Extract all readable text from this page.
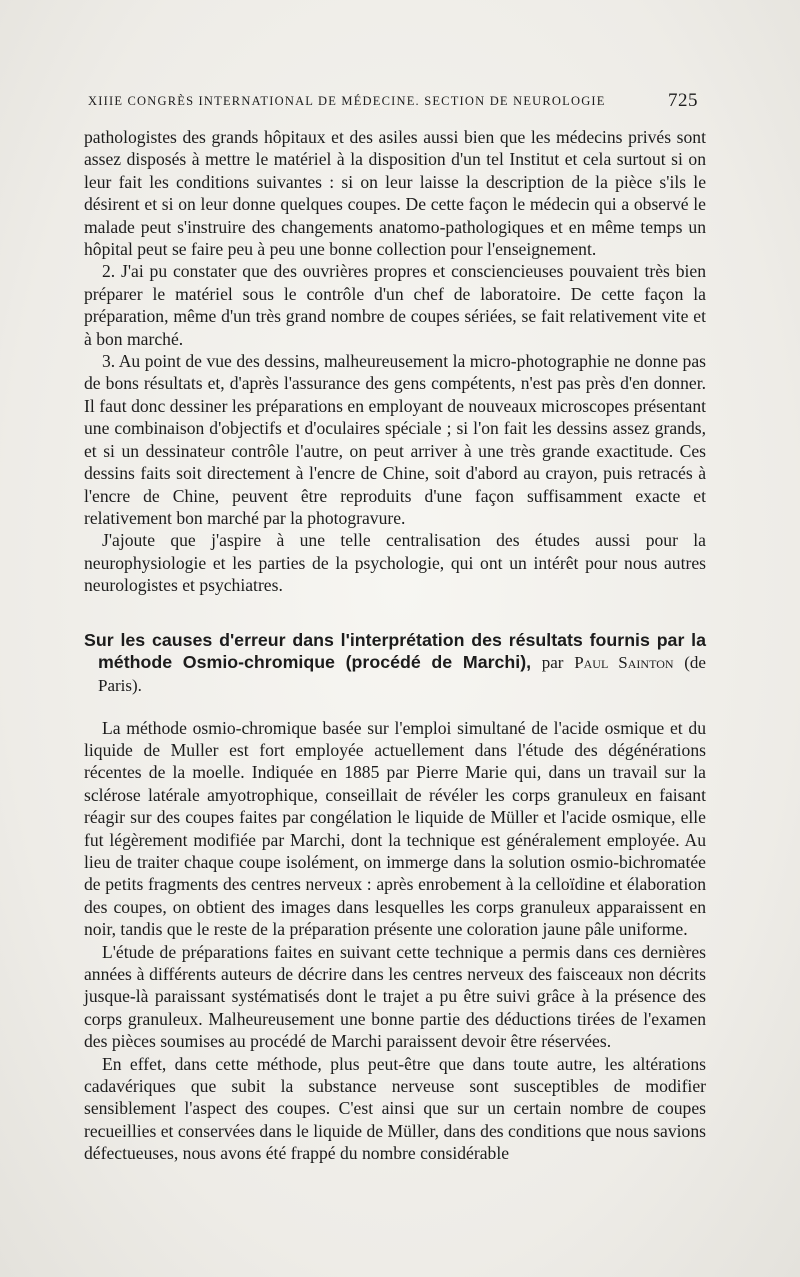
XIIIE CONGRÈS INTERNATIONAL DE MÉDECINE. SECTION DE NEUROLOGIE	725

pathologistes des grands hôpitaux et des asiles aussi bien que les médecins privés sont assez disposés à mettre le matériel à la disposition d'un tel Institut et cela surtout si on leur fait les conditions suivantes : si on leur laisse la description de la pièce s'ils le désirent et si on leur donne quelques coupes. De cette façon le médecin qui a observé le malade peut s'instruire des changements anatomo-pathologiques et en même temps un hôpital peut se faire peu à peu une bonne collection pour l'enseignement.

2. J'ai pu constater que des ouvrières propres et consciencieuses pouvaient très bien préparer le matériel sous le contrôle d'un chef de laboratoire. De cette façon la préparation, même d'un très grand nombre de coupes sériées, se fait relativement vite et à bon marché.

3. Au point de vue des dessins, malheureusement la micro-photographie ne donne pas de bons résultats et, d'après l'assurance des gens compétents, n'est pas près d'en donner. Il faut donc dessiner les préparations en employant de nouveaux microscopes présentant une combinaison d'objectifs et d'oculaires spéciale ; si l'on fait les dessins assez grands, et si un dessinateur contrôle l'autre, on peut arriver à une très grande exactitude. Ces dessins faits soit directement à l'encre de Chine, soit d'abord au crayon, puis retracés à l'encre de Chine, peuvent être reproduits d'une façon suffisamment exacte et relativement bon marché par la photogravure.

J'ajoute que j'aspire à une telle centralisation des études aussi pour la neurophysiologie et les parties de la psychologie, qui ont un intérêt pour nous autres neurologistes et psychiatres.

Sur les causes d'erreur dans l'interprétation des résultats fournis par la méthode Osmio-chromique (procédé de Marchi), par Paul Sainton (de Paris).

La méthode osmio-chromique basée sur l'emploi simultané de l'acide osmique et du liquide de Muller est fort employée actuellement dans l'étude des dégénérations récentes de la moelle. Indiquée en 1885 par Pierre Marie qui, dans un travail sur la sclérose latérale amyotrophique, conseillait de révéler les corps granuleux en faisant réagir sur des coupes faites par congélation le liquide de Müller et l'acide osmique, elle fut légèrement modifiée par Marchi, dont la technique est généralement employée. Au lieu de traiter chaque coupe isolément, on immerge dans la solution osmio-bichromatée de petits fragments des centres nerveux : après enrobement à la celloïdine et élaboration des coupes, on obtient des images dans lesquelles les corps granuleux apparaissent en noir, tandis que le reste de la préparation présente une coloration jaune pâle uniforme.

L'étude de préparations faites en suivant cette technique a permis dans ces dernières années à différents auteurs de décrire dans les centres nerveux des faisceaux non décrits jusque-là paraissant systématisés dont le trajet a pu être suivi grâce à la présence des corps granuleux. Malheureusement une bonne partie des déductions tirées de l'examen des pièces soumises au procédé de Marchi paraissent devoir être réservées.

En effet, dans cette méthode, plus peut-être que dans toute autre, les altérations cadavériques que subit la substance nerveuse sont susceptibles de modifier sensiblement l'aspect des coupes. C'est ainsi que sur un certain nombre de coupes recueillies et conservées dans le liquide de Müller, dans des conditions que nous savions défectueuses, nous avons été frappé du nombre considérable
